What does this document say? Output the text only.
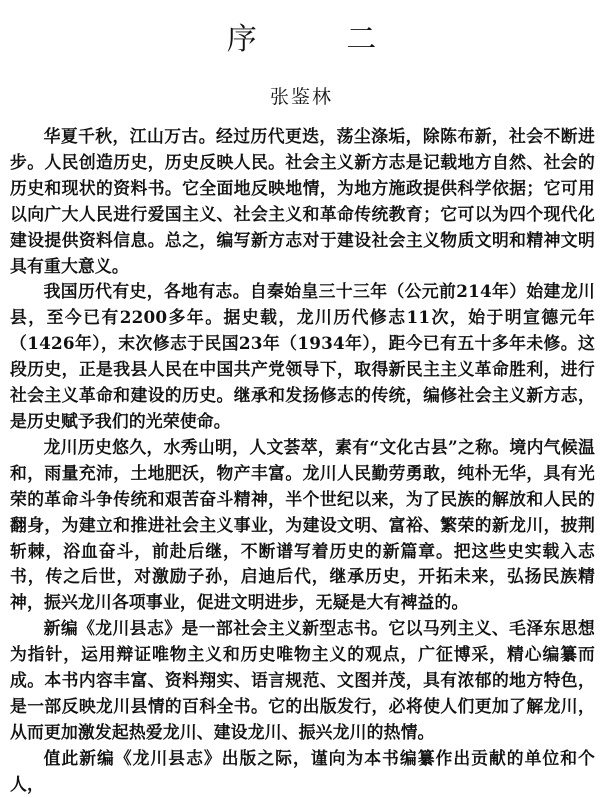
序 二
张鉴林

华夏千秋，江山万古。经过历代更迭，荡尘涤垢，除陈布新，社会不断进步。人民创造历史，历史反映人民。社会主义新方志是记载地方自然、社会的历史和现状的资料书。它全面地反映地情，为地方施政提供科学依据；它可用以向广大人民进行爱国主义、社会主义和革命传统教育；它可以为四个现代化建设提供资料信息。总之，编写新方志对于建设社会主义物质文明和精神文明具有重大意义。

我国历代有史，各地有志。自秦始皇三十三年（公元前214年）始建龙川县，至今已有2200多年。据史载，龙川历代修志11次，始于明宣德元年（1426年），末次修志于民国23年（1934年），距今已有五十多年未修。这段历史，正是我县人民在中国共产党领导下，取得新民主主义革命胜利，进行社会主义革命和建设的历史。继承和发扬修志的传统，编修社会主义新方志，是历史赋予我们的光荣使命。

龙川历史悠久，水秀山明，人文荟萃，素有“文化古县”之称。境内气候温和，雨量充沛，土地肥沃，物产丰富。龙川人民勤劳勇敢，纯朴无华，具有光荣的革命斗争传统和艰苦奋斗精神，半个世纪以来，为了民族的解放和人民的翻身，为建立和推进社会主义事业，为建设文明、富裕、繁荣的新龙川，披荆斩棘，浴血奋斗，前赴后继，不断谱写着历史的新篇章。把这些史实载入志书，传之后世，对激励子孙，启迪后代，继承历史，开拓未来，弘扬民族精神，振兴龙川各项事业，促进文明进步，无疑是大有裨益的。

新编《龙川县志》是一部社会主义新型志书。它以马列主义、毛泽东思想为指针，运用辩证唯物主义和历史唯物主义的观点，广征博采，精心编纂而成。本书内容丰富、资料翔实、语言规范、文图并茂，具有浓郁的地方特色，是一部反映龙川县情的百科全书。它的出版发行，必将使人们更加了解龙川，从而更加激发起热爱龙川、建设龙川、振兴龙川的热情。

值此新编《龙川县志》出版之际，谨向为本书编纂作出贡献的单位和个人，
